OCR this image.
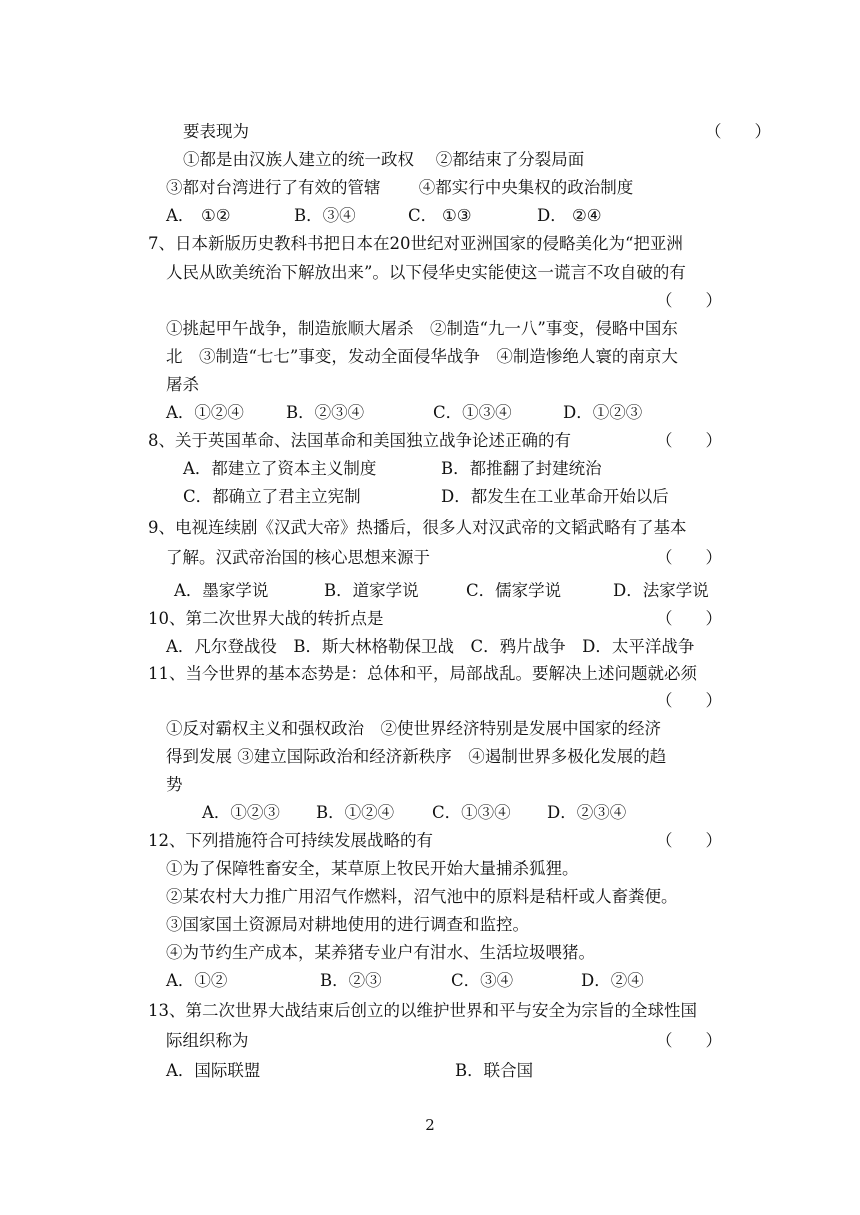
要表现为	（　　）
①都是由汉族人建立的统一政权　 ②都结束了分裂局面
③都对台湾进行了有效的管辖　　 ④都实行中央集权的政治制度
A． ①②	B．③④	C． ①③	D． ②④
7、日本新版历史教科书把日本在20世纪对亚洲国家的侵略美化为“把亚洲
人民从欧美统治下解放出来”。以下侵华史实能使这一谎言不攻自破的有
（　　）
①挑起甲午战争，制造旅顺大屠杀　②制造“九一八”事变，侵略中国东
北　③制造“七七”事变，发动全面侵华战争　④制造惨绝人寰的南京大
屠杀
A．①②④	B．②③④	C．①③④	D．①②③
8、关于英国革命、法国革命和美国独立战争论述正确的有	（　　）
A．都建立了资本主义制度	B．都推翻了封建统治
C．都确立了君主立宪制	D．都发生在工业革命开始以后
9、电视连续剧《汉武大帝》热播后，很多人对汉武帝的文韬武略有了基本
了解。汉武帝治国的核心思想来源于	（　　）
A．墨家学说	B．道家学说	C．儒家学说	D．法家学说
10、第二次世界大战的转折点是	（　　）
A．凡尔登战役　B．斯大林格勒保卫战　C．鸦片战争　D．太平洋战争
11、当今世界的基本态势是：总体和平，局部战乱。要解决上述问题就必须
（　　）
①反对霸权主义和强权政治　②使世界经济特别是发展中国家的经济
得到发展 ③建立国际政治和经济新秩序　④遏制世界多极化发展的趋
势
A．①②③ B．①②④ C．①③④ D．②③④
12、下列措施符合可持续发展战略的有	（　　）
①为了保障牲畜安全，某草原上牧民开始大量捕杀狐狸。
②某农村大力推广用沼气作燃料，沼气池中的原料是秸杆或人畜粪便。
③国家国土资源局对耕地使用的进行调查和监控。
④为节约生产成本，某养猪专业户有泔水、生活垃圾喂猪。
A．①②	B．②③	C．③④	D．②④
13、第二次世界大战结束后创立的以维护世界和平与安全为宗旨的全球性国
际组织称为	（　　）
A．国际联盟	B．联合国
2
